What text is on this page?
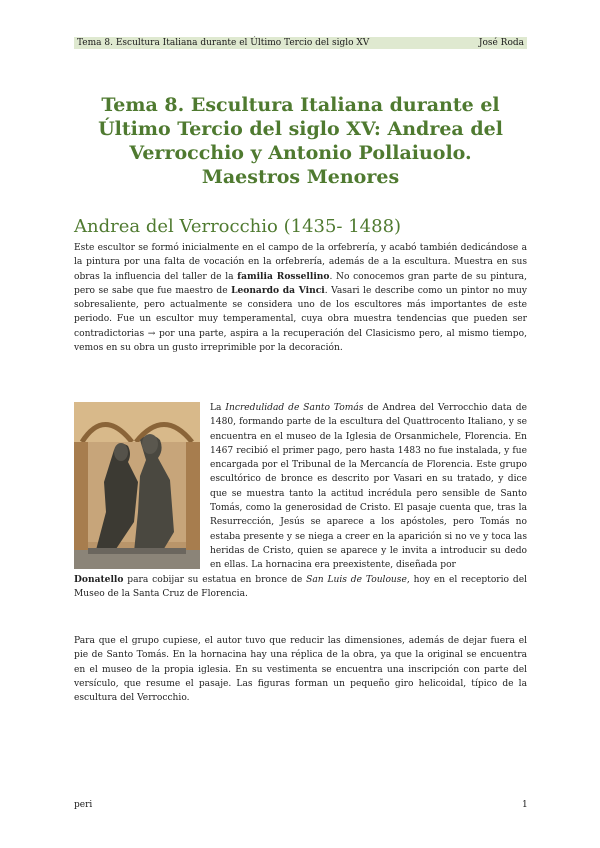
Tema 8. Escultura Italiana durante el Último Tercio del siglo XV	José Roda
Tema 8. Escultura Italiana durante el
Último Tercio del siglo XV: Andrea del
Verrocchio y Antonio Pollaiuolo.
Maestros Menores
Andrea del Verrocchio (1435- 1488)
Este escultor se formó inicialmente en el campo de la orfebrería, y acabó también dedicándose a la pintura por una falta de vocación en la orfebrería, además de a la escultura. Muestra en sus obras la influencia del taller de la familia Rossellino. No conocemos gran parte de su pintura, pero se sabe que fue maestro de Leonardo da Vinci. Vasari le describe como un pintor no muy sobresaliente, pero actualmente se considera uno de los escultores más importantes de este periodo. Fue un escultor muy temperamental, cuya obra muestra tendencias que pueden ser contradictorias → por una parte, aspira a la recuperación del Clasicismo pero, al mismo tiempo, vemos en su obra un gusto irreprimible por la decoración.
La Incredulidad de Santo Tomás de Andrea del Verrocchio data de 1480, formando parte de la escultura del Quattrocento Italiano, y se encuentra en el museo de la Iglesia de Orsanmichele, Florencia. En 1467 recibió el primer pago, pero hasta 1483 no fue instalada, y fue encargada por el Tribunal de la Mercancía de Florencia. Este grupo escultórico de bronce es descrito por Vasari en su tratado, y dice que se muestra tanto la actitud incrédula pero sensible de Santo Tomás, como la generosidad de Cristo. El pasaje cuenta que, tras la Resurrección, Jesús se aparece a los apóstoles, pero Tomás no estaba presente y se niega a creer en la aparición si no ve y toca las heridas de Cristo, quien se aparece y le invita a introducir su dedo en ellas. La hornacina era preexistente, diseñada por
Donatello para cobijar su estatua en bronce de San Luis de Toulouse, hoy en el receptorio del Museo de la Santa Cruz de Florencia.
Para que el grupo cupiese, el autor tuvo que reducir las dimensiones, además de dejar fuera el pie de Santo Tomás. En la hornacina hay una réplica de la obra, ya que la original se encuentra en el museo de la propia iglesia. En su vestimenta se encuentra una inscripción con parte del versículo, que resume el pasaje. Las figuras forman un pequeño giro helicoidal, típico de la escultura del Verrocchio.
peri	1
